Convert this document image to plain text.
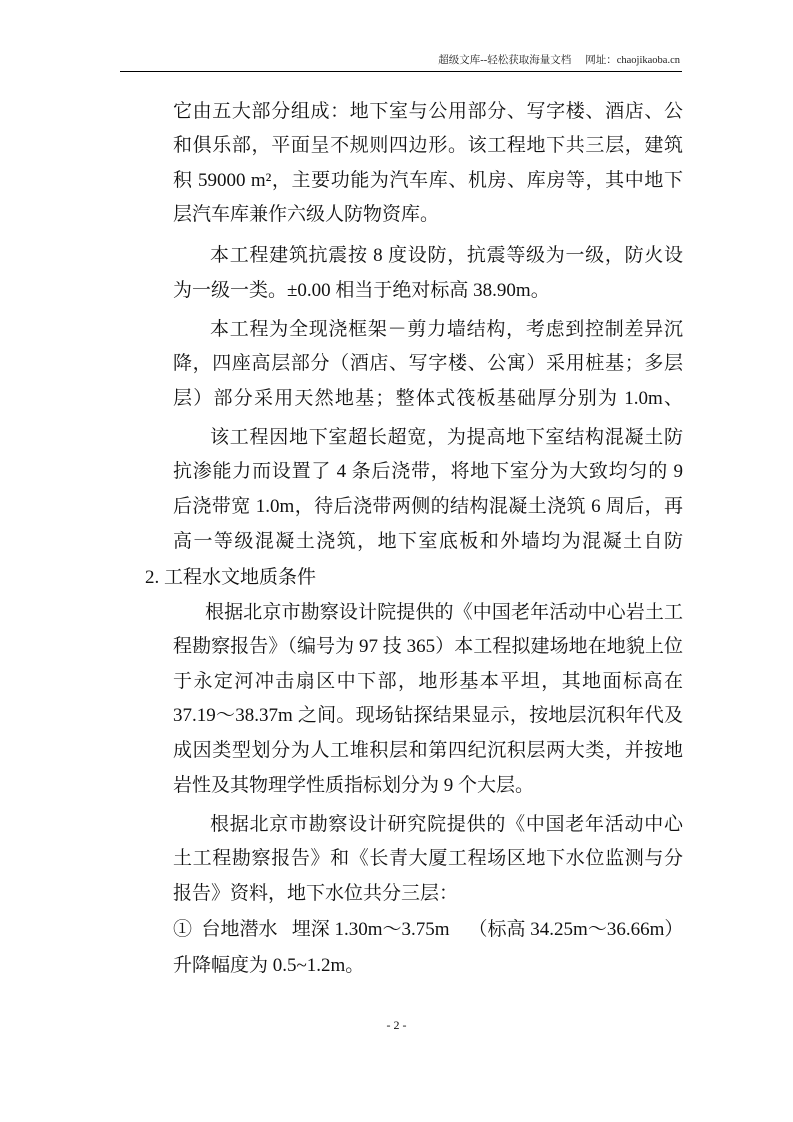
超级文库--轻松获取海量文档 网址：chaojikaoba.cn
它由五大部分组成：地下室与公用部分、写字楼、酒店、公
和俱乐部，平面呈不规则四边形。该工程地下共三层，建筑
积 59000 m²，主要功能为汽车库、机房、库房等，其中地下
层汽车库兼作六级人防物资库。
本工程建筑抗震按 8 度设防，抗震等级为一级，防火设
为一级一类。±0.00 相当于绝对标高 38.90m。
本工程为全现浇框架－剪力墙结构，考虑到控制差异沉
降，四座高层部分（酒店、写字楼、公寓）采用桩基；多层
层）部分采用天然地基；整体式筏板基础厚分别为 1.0m、
该工程因地下室超长超宽，为提高地下室结构混凝土防
抗渗能力而设置了 4 条后浇带，将地下室分为大致均匀的 9
后浇带宽 1.0m，待后浇带两侧的结构混凝土浇筑 6 周后，再
高一等级混凝土浇筑，地下室底板和外墙均为混凝土自防
2. 工程水文地质条件
根据北京市勘察设计院提供的《中国老年活动中心岩土工
程勘察报告》（编号为 97 技 365）本工程拟建场地在地貌上位
于永定河冲击扇区中下部，地形基本平坦，其地面标高在
37.19～38.37m 之间。现场钻探结果显示，按地层沉积年代及
成因类型划分为人工堆积层和第四纪沉积层两大类，并按地
岩性及其物理学性质指标划分为 9 个大层。
根据北京市勘察设计研究院提供的《中国老年活动中心
土工程勘察报告》和《长青大厦工程场区地下水位监测与分
报告》资料，地下水位共分三层：
①  台地潜水   埋深 1.30m～3.75m    （标高 34.25m～36.66m）
升降幅度为 0.5~1.2m。
- 2 -
